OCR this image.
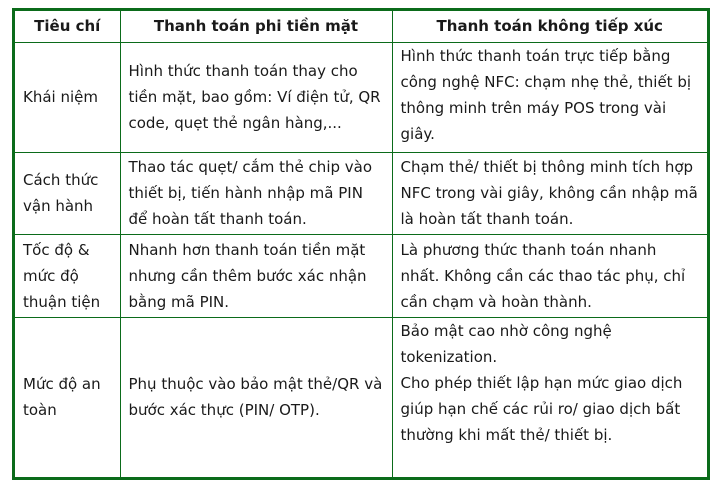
Tiêu chí	Thanh toán phi tiền mặt	Thanh toán không tiếp xúc
Khái niệm	Hình thức thanh toán thay cho tiền mặt, bao gồm: Ví điện tử, QR code, quẹt thẻ ngân hàng,...	Hình thức thanh toán trực tiếp bằng công nghệ NFC: chạm nhẹ thẻ, thiết bị thông minh trên máy POS trong vài giây.
Cách thức vận hành	Thao tác quẹt/ cắm thẻ chip vào thiết bị, tiến hành nhập mã PIN để hoàn tất thanh toán.	Chạm thẻ/ thiết bị thông minh tích hợp NFC trong vài giây, không cần nhập mã là hoàn tất thanh toán.
Tốc độ & mức độ thuận tiện	Nhanh hơn thanh toán tiền mặt nhưng cần thêm bước xác nhận bằng mã PIN.	Là phương thức thanh toán nhanh nhất. Không cần các thao tác phụ, chỉ cần chạm và hoàn thành.
Mức độ an toàn	Phụ thuộc vào bảo mật thẻ/QR và bước xác thực (PIN/ OTP).	Bảo mật cao nhờ công nghệ tokenization.
Cho phép thiết lập hạn mức giao dịch giúp hạn chế các rủi ro/ giao dịch bất thường khi mất thẻ/ thiết bị.
